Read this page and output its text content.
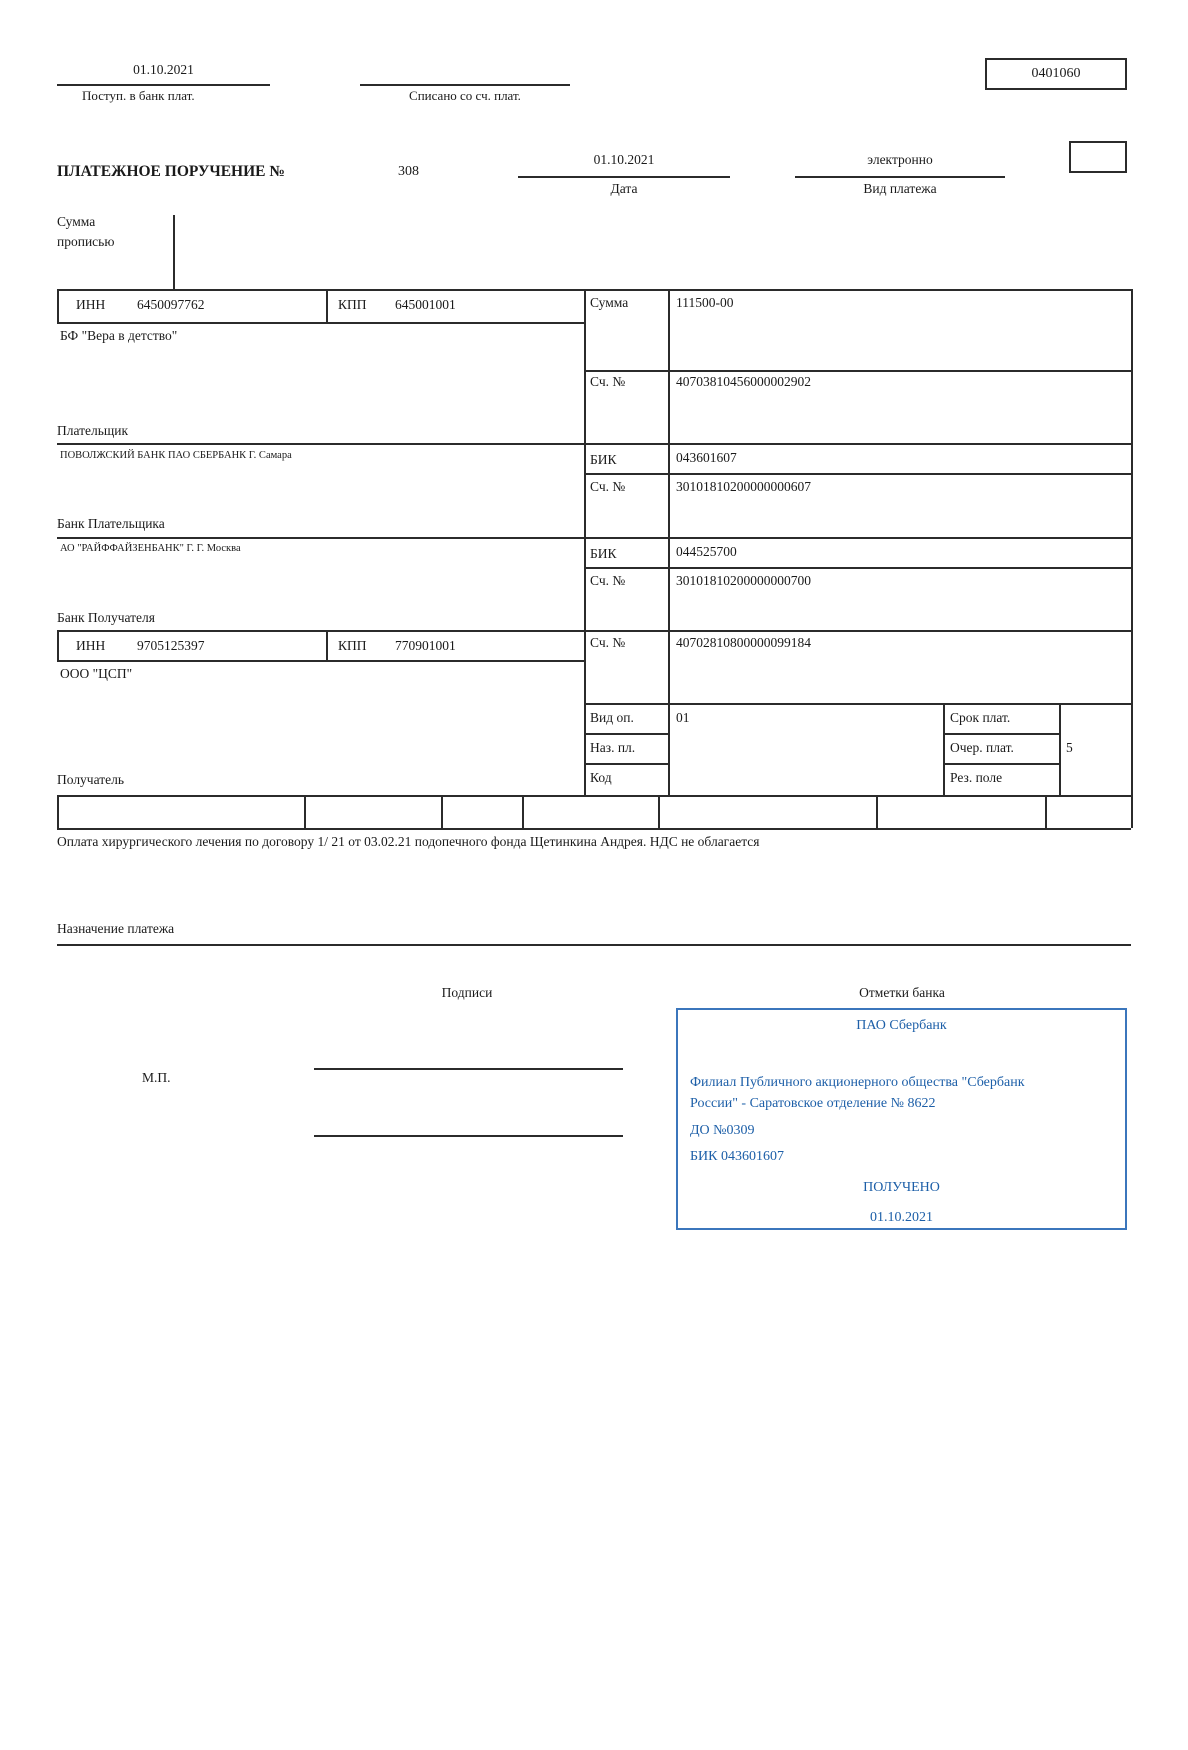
01.10.2021
Поступ. в банк плат.	Списано со сч. плат.
0401060
ПЛАТЕЖНОЕ ПОРУЧЕНИЕ №	308
01.10.2021
Дата
электронно
Вид платежа
Сумма прописью
ИНН 6450097762	КПП 645001001	Сумма	111500-00
БФ "Вера в детство"
Сч. №	40703810456000002902
Плательщик
ПОВОЛЖСКИЙ БАНК ПАО СБЕРБАНК Г. Самара	БИК	043601607
Сч. №	30101810200000000607
Банк Плательщика
АО "РАЙФФАЙЗЕНБАНК" Г. Г. Москва	БИК	044525700
Сч. №	30101810200000000700
Банк Получателя
ИНН 9705125397	КПП 770901001	Сч. №	40702810800000099184
ООО "ЦСП"
Вид оп.	01	Срок плат.
Наз. пл.	Очер. плат.	5
Код	Рез. поле
Получатель
Оплата хирургического лечения по договору 1/ 21 от 03.02.21 подопечного фонда Щетинкина Андрея. НДС не облагается
Назначение платежа
Подписи	Отметки банка
М.П.
ПАО Сбербанк
Филиал Публичного акционерного общества "Сбербанк России" - Саратовское отделение № 8622
ДО №0309
БИК 043601607
ПОЛУЧЕНО
01.10.2021
